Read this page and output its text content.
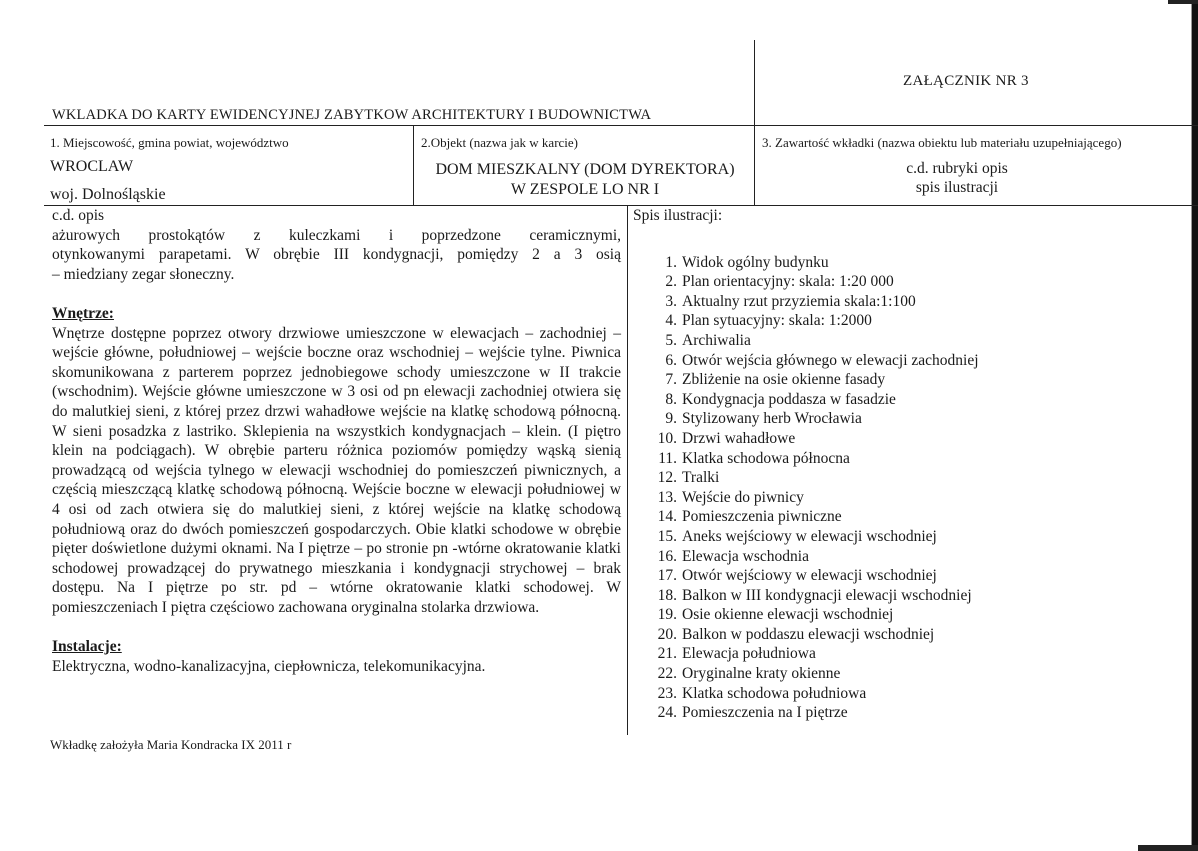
ZAŁĄCZNIK NR 3
WKLADKA DO KARTY EWIDENCYJNEJ ZABYTKOW ARCHITEKTURY I BUDOWNICTWA
1. Miejscowość, gmina powiat, województwo	2.Objekt (nazwa jak w karcie)	3. Zawartość wkładki (nazwa obiektu lub materiału uzupełniającego)
WROCLAW
woj. Dolnośląskie
DOM MIESZKALNY (DOM DYREKTORA)
W ZESPOLE LO NR I
c.d. rubryki opis
spis ilustracji

c.d. opis

ażurowych prostokątów z kuleczkami i poprzedzone ceramicznymi,

otynkowanymi parapetami. W obrębie III kondygnacji, pomiędzy 2 a 3 osią

– miedziany zegar słoneczny.

Wnętrze:

Wnętrze dostępne poprzez otwory drzwiowe umieszczone w elewacjach – zachodniej – wejście główne, południowej – wejście boczne oraz wschodniej – wejście tylne. Piwnica skomunikowana z parterem poprzez jednobiegowe schody umieszczone w II trakcie (wschodnim). Wejście główne umieszczone w 3 osi od pn elewacji zachodniej otwiera się do malutkiej sieni, z której przez drzwi wahadłowe wejście na klatkę schodową północną. W sieni posadzka z lastriko. Sklepienia na wszystkich kondygnacjach – klein. (I piętro klein na podciągach). W obrębie parteru różnica poziomów pomiędzy wąską sienią prowadzącą od wejścia tylnego w elewacji wschodniej do pomieszczeń piwnicznych, a częścią mieszczącą klatkę schodową północną. Wejście boczne w elewacji południowej w 4 osi od zach otwiera się do malutkiej sieni, z której wejście na klatkę schodową południową oraz do dwóch pomieszczeń gospodarczych. Obie klatki schodowe w obrębie pięter doświetlone dużymi oknami. Na I piętrze – po stronie pn -wtórne okratowanie klatki schodowej prowadzącej do prywatnego mieszkania i kondygnacji strychowej – brak dostępu. Na I piętrze po str. pd – wtórne okratowanie klatki schodowej. W pomieszczeniach I piętra częściowo zachowana oryginalna stolarka drzwiowa.

Instalacje:

Elektryczna, wodno-kanalizacyjna, ciepłownicza, telekomunikacyjna.

Spis ilustracji:

1. Widok ogólny budynku
2. Plan orientacyjny: skala: 1:20 000
3. Aktualny rzut przyziemia skala:1:100
4. Plan sytuacyjny: skala: 1:2000
5. Archiwalia
6. Otwór wejścia głównego w elewacji zachodniej
7. Zbliżenie na osie okienne fasady
8. Kondygnacja poddasza w fasadzie
9. Stylizowany herb Wrocławia
10. Drzwi wahadłowe
11. Klatka schodowa północna
12. Tralki
13. Wejście do piwnicy
14. Pomieszczenia piwniczne
15. Aneks wejściowy w elewacji wschodniej
16. Elewacja wschodnia
17. Otwór wejściowy w elewacji wschodniej
18. Balkon w III kondygnacji elewacji wschodniej
19. Osie okienne elewacji wschodniej
20. Balkon w poddaszu elewacji wschodniej
21. Elewacja południowa
22. Oryginalne kraty okienne
23. Klatka schodowa południowa
24. Pomieszczenia na I piętrze
Wkładkę założyła Maria Kondracka IX 2011 r
